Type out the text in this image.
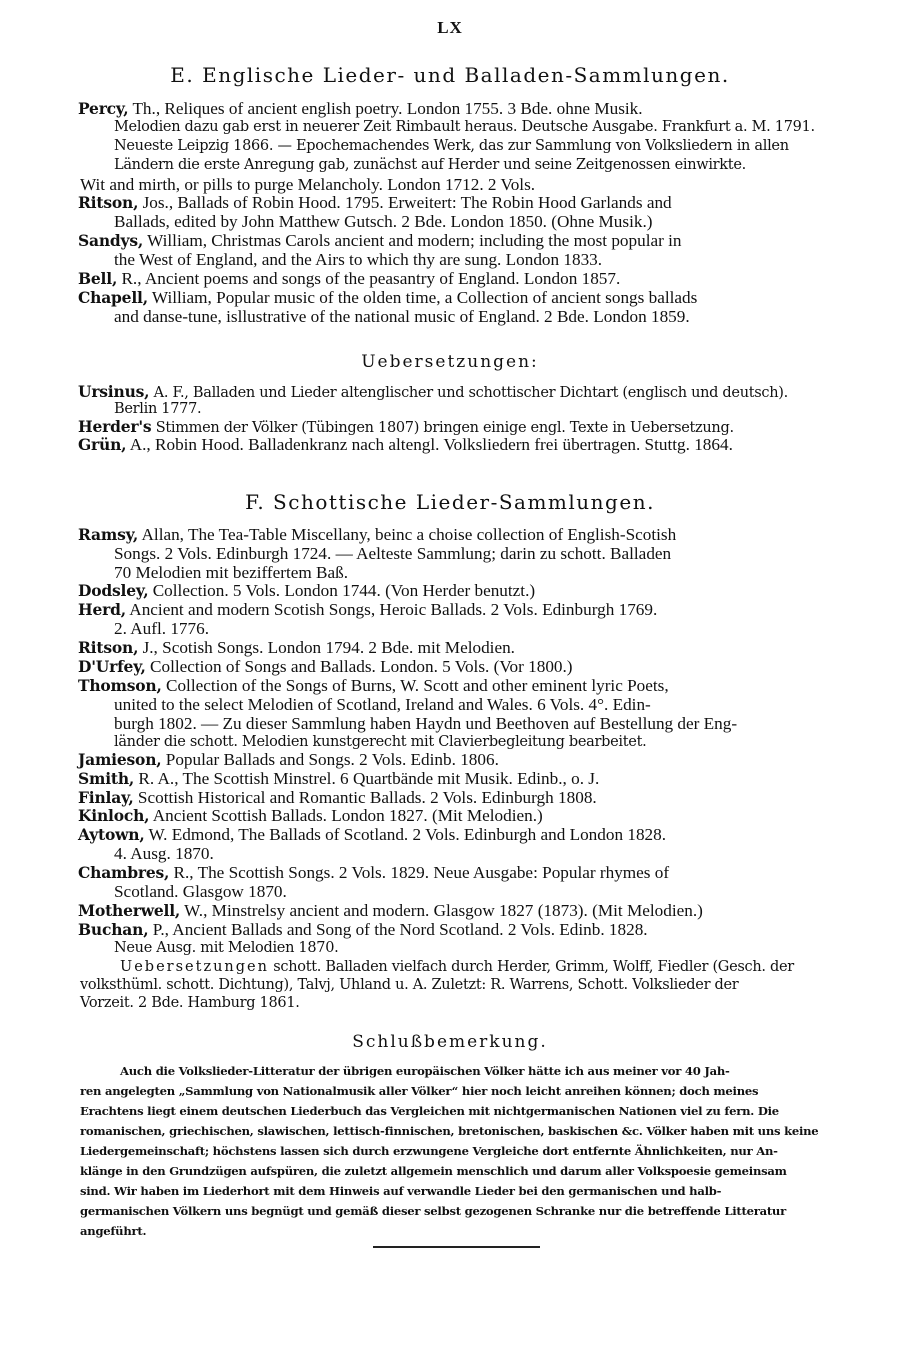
LX
E. Englische Lieder- und Balladen-Sammlungen.
Percy, Th., Reliques of ancient english poetry. London 1755. 3 Bde. ohne Musik.
Melodien dazu gab erst in neuerer Zeit Rimbault heraus. Deutsche Ausgabe. Frankfurt a. M. 1791.
Neueste Leipzig 1866. — Epochemachendes Werk, das zur Sammlung von Volksliedern in allen
Ländern die erste Anregung gab, zunächst auf Herder und seine Zeitgenossen einwirkte.
Wit and mirth, or pills to purge Melancholy. London 1712. 2 Vols.
Ritson, Jos., Ballads of Robin Hood. 1795. Erweitert: The Robin Hood Garlands and
Ballads, edited by John Matthew Gutsch. 2 Bde. London 1850. (Ohne Musik.)
Sandys, William, Christmas Carols ancient and modern; including the most popular in
the West of England, and the Airs to which thy are sung. London 1833.
Bell, R., Ancient poems and songs of the peasantry of England. London 1857.
Chapell, William, Popular music of the olden time, a Collection of ancient songs ballads
and danse-tune, isllustrative of the national music of England. 2 Bde. London 1859.
Uebersetzungen:
Ursinus, A. F., Balladen und Lieder altenglischer und schottischer Dichtart (englisch und deutsch).
Berlin 1777.
Herder's Stimmen der Völker (Tübingen 1807) bringen einige engl. Texte in Uebersetzung.
Grün, A., Robin Hood. Balladenkranz nach altengl. Volksliedern frei übertragen. Stuttg. 1864.
F. Schottische Lieder-Sammlungen.
Ramsy, Allan, The Tea-Table Miscellany, beinc a choise collection of English-Scotish
Songs. 2 Vols. Edinburgh 1724. — Aelteste Sammlung; darin zu schott. Balladen
70 Melodien mit beziffertem Baß.
Dodsley, Collection. 5 Vols. London 1744. (Von Herder benutzt.)
Herd, Ancient and modern Scotish Songs, Heroic Ballads. 2 Vols. Edinburgh 1769.
2. Aufl. 1776.
Ritson, J., Scotish Songs. London 1794. 2 Bde. mit Melodien.
D'Urfey, Collection of Songs and Ballads. London. 5 Vols. (Vor 1800.)
Thomson, Collection of the Songs of Burns, W. Scott and other eminent lyric Poets,
united to the select Melodien of Scotland, Ireland and Wales. 6 Vols. 4°. Edin-
burgh 1802. — Zu dieser Sammlung haben Haydn und Beethoven auf Bestellung der Eng-
länder die schott. Melodien kunstgerecht mit Clavierbegleitung bearbeitet.
Jamieson, Popular Ballads and Songs. 2 Vols. Edinb. 1806.
Smith, R. A., The Scottish Minstrel. 6 Quartbände mit Musik. Edinb., o. J.
Finlay, Scottish Historical and Romantic Ballads. 2 Vols. Edinburgh 1808.
Kinloch, Ancient Scottish Ballads. London 1827. (Mit Melodien.)
Aytown, W. Edmond, The Ballads of Scotland. 2 Vols. Edinburgh and London 1828.
4. Ausg. 1870.
Chambres, R., The Scottish Songs. 2 Vols. 1829. Neue Ausgabe: Popular rhymes of
Scotland. Glasgow 1870.
Motherwell, W., Minstrelsy ancient and modern. Glasgow 1827 (1873). (Mit Melodien.)
Buchan, P., Ancient Ballads and Song of the Nord Scotland. 2 Vols. Edinb. 1828.
Neue Ausg. mit Melodien 1870.
Uebersetzungen schott. Balladen vielfach durch Herder, Grimm, Wolff, Fiedler (Gesch. der
volksthüml. schott. Dichtung), Talvj, Uhland u. A. Zuletzt: R. Warrens, Schott. Volkslieder der
Vorzeit. 2 Bde. Hamburg 1861.
Schlußbemerkung.
Auch die Volkslieder-Litteratur der übrigen europäischen Völker hätte ich aus meiner vor 40 Jah-
ren angelegten „Sammlung von Nationalmusik aller Völker“ hier noch leicht anreihen können; doch meines
Erachtens liegt einem deutschen Liederbuch das Vergleichen mit nichtgermanischen Nationen viel zu fern. Die
romanischen, griechischen, slawischen, lettisch-finnischen, bretonischen, baskischen &c. Völker haben mit uns keine
Liedergemeinschaft; höchstens lassen sich durch erzwungene Vergleiche dort entfernte Ähnlichkeiten, nur An-
klänge in den Grundzügen aufspüren, die zuletzt allgemein menschlich und darum aller Volkspoesie gemeinsam
sind. Wir haben im Liederhort mit dem Hinweis auf verwandle Lieder bei den germanischen und halb-
germanischen Völkern uns begnügt und gemäß dieser selbst gezogenen Schranke nur die betreffende Litteratur
angeführt.
